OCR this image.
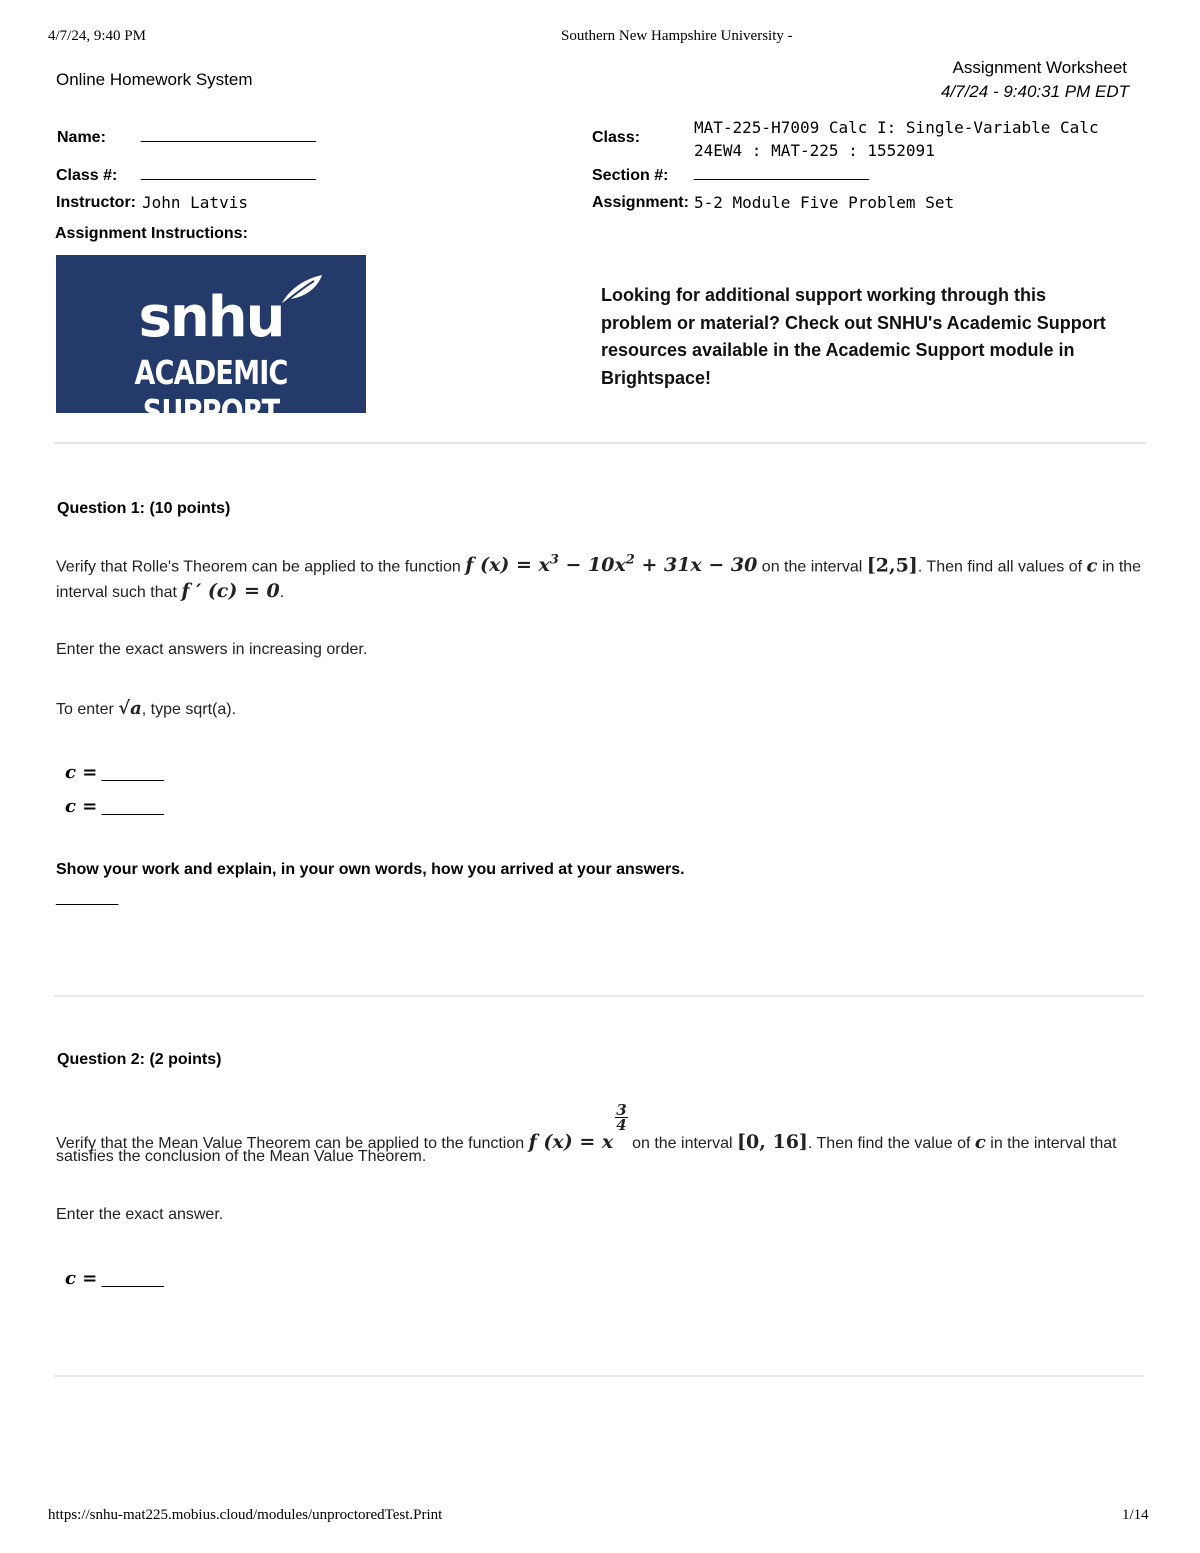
4/7/24, 9:40 PM	Southern New Hampshire University -
Online Homework System
Assignment Worksheet
4/7/24 - 9:40:31 PM EDT
Name: ______________________
Class #: ______________________
Instructor: John Latvis
Assignment Instructions:
Class:
MAT-225-H7009 Calc I: Single-Variable Calc
24EW4 : MAT-225 : 1552091
Section #: ______________________
Assignment: 5-2 Module Five Problem Set
snhu
ACADEMIC SUPPORT
Looking for additional support working through this
problem or material? Check out SNHU's Academic Support
resources available in the Academic Support module in
Brightspace!
Question 1: (10 points)
Verify that Rolle's Theorem can be applied to the function f $(x) = x^3 - 10x^2 + 31x - 30$ on the interval [2,5]. Then find all values of c in the
interval such that f ′ (c) = 0.
Enter the exact answers in increasing order.
To enter √a, type sqrt(a).
c = _______
c = _______
Show your work and explain, in your own words, how you arrived at your answers.
_______
Question 2: (2 points)
Verify that the Mean Value Theorem can be applied to the function f (x) = x
$\frac{3}{4}$
on the interval [0, 16]. Then find the value of c in the interval that
satisfies the conclusion of the Mean Value Theorem.
Enter the exact answer.
c = _______
https://snhu-mat225.mobius.cloud/modules/unproctoredTest.Print	1/14
